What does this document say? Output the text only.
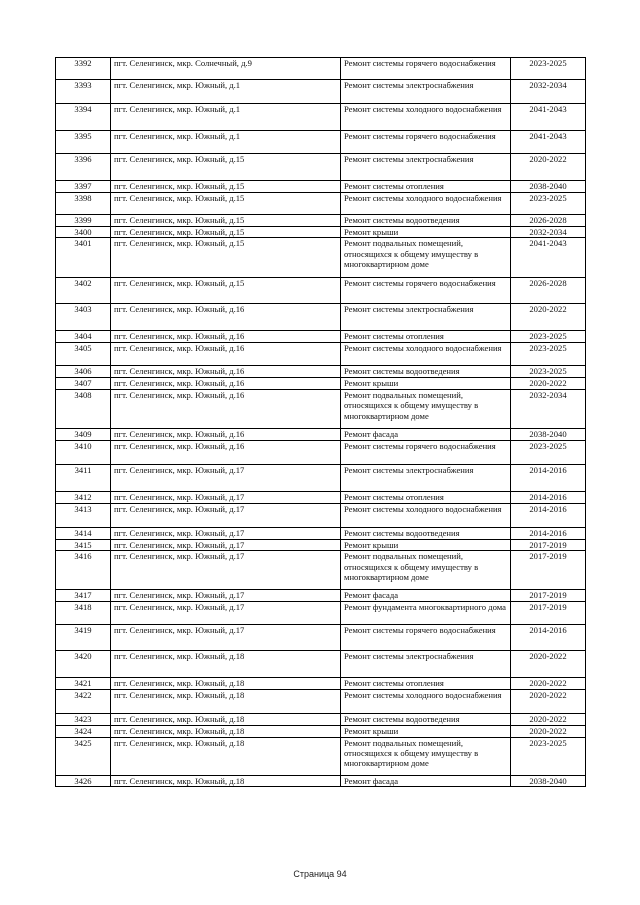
3392	пгт. Селенгинск, мкр. Солнечный, д.9	Ремонт системы горячего водоснабжения	2023-2025
3393	пгт. Селенгинск, мкр. Южный, д.1	Ремонт системы электроснабжения	2032-2034
3394	пгт. Селенгинск, мкр. Южный, д.1	Ремонт системы холодного водоснабжения	2041-2043
3395	пгт. Селенгинск, мкр. Южный, д.1	Ремонт системы горячего водоснабжения	2041-2043
3396	пгт. Селенгинск, мкр. Южный, д.15	Ремонт системы электроснабжения	2020-2022
3397	пгт. Селенгинск, мкр. Южный, д.15	Ремонт системы отопления	2038-2040
3398	пгт. Селенгинск, мкр. Южный, д.15	Ремонт системы холодного водоснабжения	2023-2025
3399	пгт. Селенгинск, мкр. Южный, д.15	Ремонт системы водоотведения	2026-2028
3400	пгт. Селенгинск, мкр. Южный, д.15	Ремонт крыши	2032-2034
3401	пгт. Селенгинск, мкр. Южный, д.15	Ремонт подвальных помещений, относящихся к общему имуществу в многоквартирном доме	2041-2043
3402	пгт. Селенгинск, мкр. Южный, д.15	Ремонт системы горячего водоснабжения	2026-2028
3403	пгт. Селенгинск, мкр. Южный, д.16	Ремонт системы электроснабжения	2020-2022
3404	пгт. Селенгинск, мкр. Южный, д.16	Ремонт системы отопления	2023-2025
3405	пгт. Селенгинск, мкр. Южный, д.16	Ремонт системы холодного водоснабжения	2023-2025
3406	пгт. Селенгинск, мкр. Южный, д.16	Ремонт системы водоотведения	2023-2025
3407	пгт. Селенгинск, мкр. Южный, д.16	Ремонт крыши	2020-2022
3408	пгт. Селенгинск, мкр. Южный, д.16	Ремонт подвальных помещений, относящихся к общему имуществу в многоквартирном доме	2032-2034
3409	пгт. Селенгинск, мкр. Южный, д.16	Ремонт фасада	2038-2040
3410	пгт. Селенгинск, мкр. Южный, д.16	Ремонт системы горячего водоснабжения	2023-2025
3411	пгт. Селенгинск, мкр. Южный, д.17	Ремонт системы электроснабжения	2014-2016
3412	пгт. Селенгинск, мкр. Южный, д.17	Ремонт системы отопления	2014-2016
3413	пгт. Селенгинск, мкр. Южный, д.17	Ремонт системы холодного водоснабжения	2014-2016
3414	пгт. Селенгинск, мкр. Южный, д.17	Ремонт системы водоотведения	2014-2016
3415	пгт. Селенгинск, мкр. Южный, д.17	Ремонт крыши	2017-2019
3416	пгт. Селенгинск, мкр. Южный, д.17	Ремонт подвальных помещений, относящихся к общему имуществу в многоквартирном доме	2017-2019
3417	пгт. Селенгинск, мкр. Южный, д.17	Ремонт фасада	2017-2019
3418	пгт. Селенгинск, мкр. Южный, д.17	Ремонт фундамента многоквартирного дома	2017-2019
3419	пгт. Селенгинск, мкр. Южный, д.17	Ремонт системы горячего водоснабжения	2014-2016
3420	пгт. Селенгинск, мкр. Южный, д.18	Ремонт системы электроснабжения	2020-2022
3421	пгт. Селенгинск, мкр. Южный, д.18	Ремонт системы отопления	2020-2022
3422	пгт. Селенгинск, мкр. Южный, д.18	Ремонт системы холодного водоснабжения	2020-2022
3423	пгт. Селенгинск, мкр. Южный, д.18	Ремонт системы водоотведения	2020-2022
3424	пгт. Селенгинск, мкр. Южный, д.18	Ремонт крыши	2020-2022
3425	пгт. Селенгинск, мкр. Южный, д.18	Ремонт подвальных помещений, относящихся к общему имуществу в многоквартирном доме	2023-2025
3426	пгт. Селенгинск, мкр. Южный, д.18	Ремонт фасада	2038-2040
Страница 94
